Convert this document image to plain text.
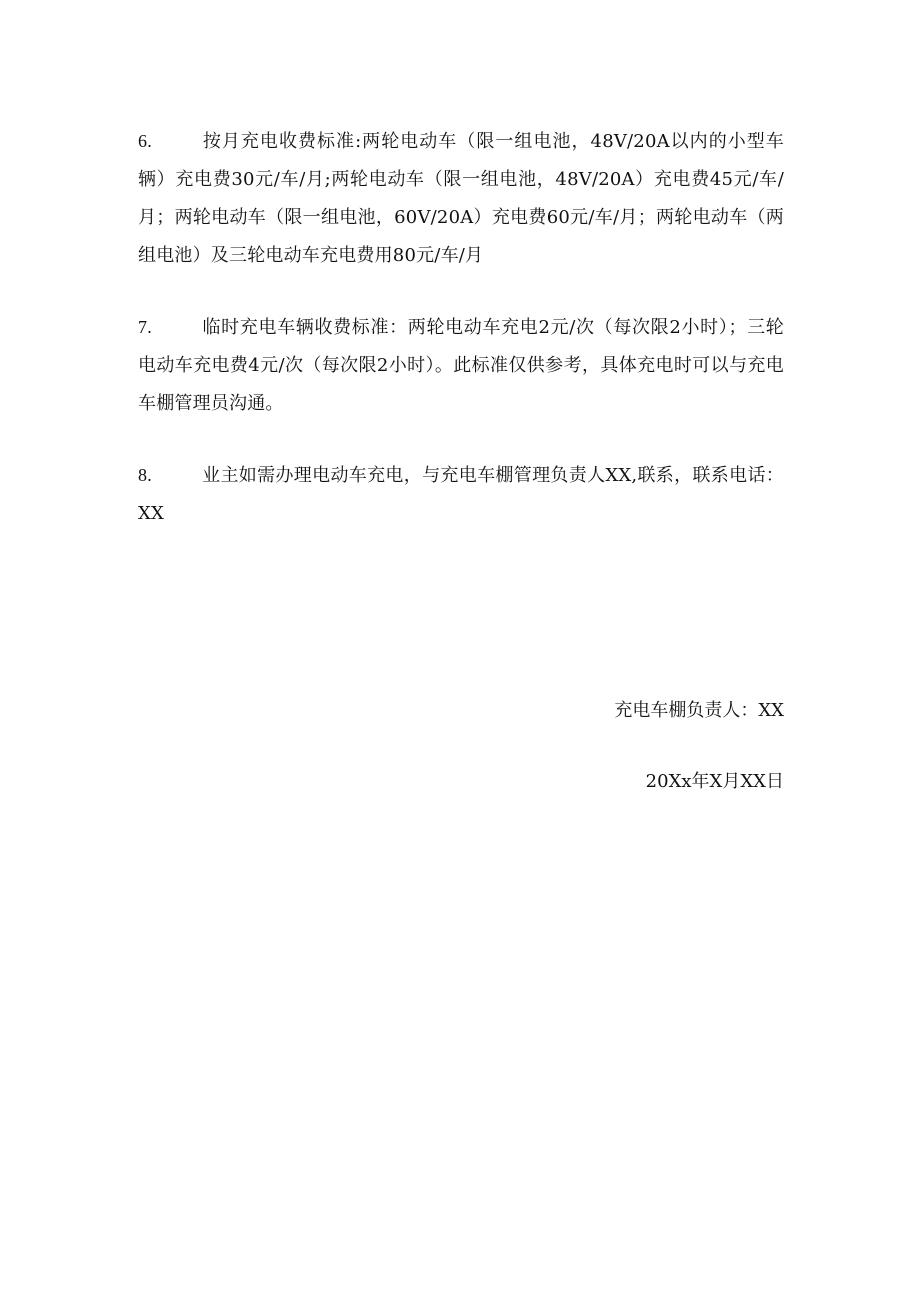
6.	按月充电收费标准:两轮电动车（限一组电池，48V/20A以内的小型车辆）充电费30元/车/月;两轮电动车（限一组电池，48V/20A）充电费45元/车/月；两轮电动车（限一组电池，60V/20A）充电费60元/车/月；两轮电动车（两组电池）及三轮电动车充电费用80元/车/月

7.	临时充电车辆收费标准：两轮电动车充电2元/次（每次限2小时）；三轮电动车充电费4元/次（每次限2小时）。此标准仅供参考，具体充电时可以与充电车棚管理员沟通。

8.	业主如需办理电动车充电，与充电车棚管理负责人XX,联系，联系电话：XX

充电车棚负责人：XX
20Xx年X月XX日
